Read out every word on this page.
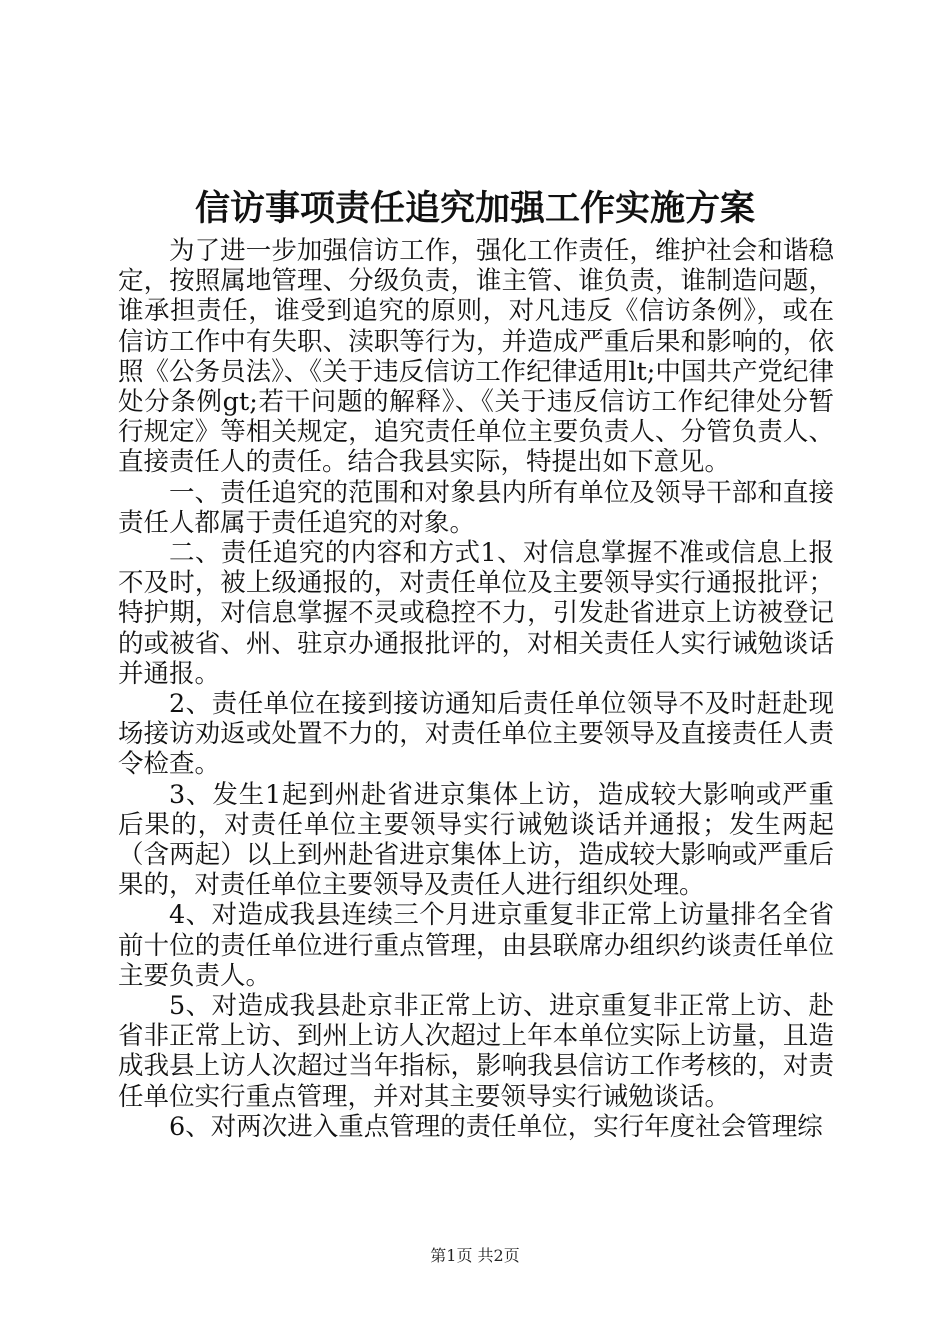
信访事项责任追究加强工作实施方案

为了进一步加强信访工作，强化工作责任，维护社会和谐稳定，按照属地管理、分级负责，谁主管、谁负责，谁制造问题，谁承担责任，谁受到追究的原则，对凡违反《信访条例》，或在信访工作中有失职、渎职等行为，并造成严重后果和影响的，依照《公务员法》、《关于违反信访工作纪律适用lt;中国共产党纪律处分条例gt;若干问题的解释》、《关于违反信访工作纪律处分暂行规定》等相关规定，追究责任单位主要负责人、分管负责人、直接责任人的责任。结合我县实际，特提出如下意见。

一、责任追究的范围和对象县内所有单位及领导干部和直接责任人都属于责任追究的对象。

二、责任追究的内容和方式1、对信息掌握不准或信息上报不及时，被上级通报的，对责任单位及主要领导实行通报批评；特护期，对信息掌握不灵或稳控不力，引发赴省进京上访被登记的或被省、州、驻京办通报批评的，对相关责任人实行诫勉谈话并通报。

2、责任单位在接到接访通知后责任单位领导不及时赶赴现场接访劝返或处置不力的，对责任单位主要领导及直接责任人责令检查。

3、发生1起到州赴省进京集体上访，造成较大影响或严重后果的，对责任单位主要领导实行诫勉谈话并通报；发生两起（含两起）以上到州赴省进京集体上访，造成较大影响或严重后果的，对责任单位主要领导及责任人进行组织处理。

4、对造成我县连续三个月进京重复非正常上访量排名全省前十位的责任单位进行重点管理，由县联席办组织约谈责任单位主要负责人。

5、对造成我县赴京非正常上访、进京重复非正常上访、赴省非正常上访、到州上访人次超过上年本单位实际上访量，且造成我县上访人次超过当年指标，影响我县信访工作考核的，对责任单位实行重点管理，并对其主要领导实行诫勉谈话。

6、对两次进入重点管理的责任单位，实行年度社会管理综

第1页 共2页
